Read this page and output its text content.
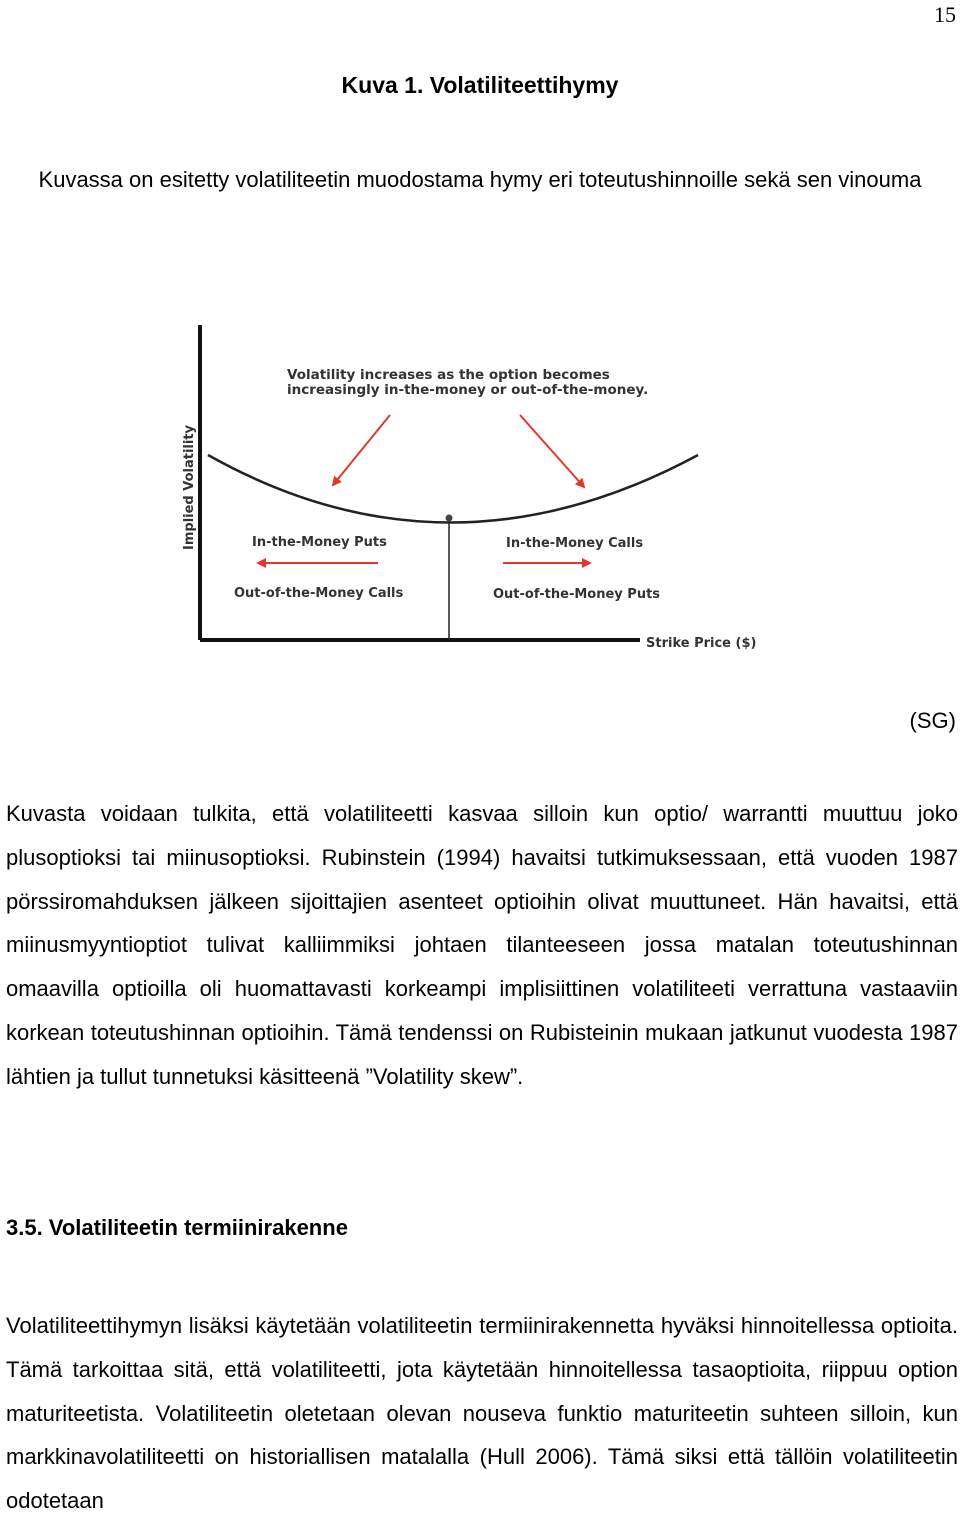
15
Kuva 1. Volatiliteettihymy
Kuvassa on esitetty volatiliteetin muodostama hymy eri toteutushinnoille sekä sen vinouma
Volatility increases as the option becomes
increasingly in-the-money or out-of-the-money.
Implied Volatility	In-the-Money Puts
Out-of-the-Money Calls
In-the-Money Calls
Out-of-the-Money Puts
Strike Price ($)
(SG)

Kuvasta voidaan tulkita, että volatiliteetti kasvaa silloin kun optio/ warrantti muuttuu joko plusoptioksi tai miinusoptioksi. Rubinstein (1994) havaitsi tutkimuksessaan, että vuoden 1987 pörssiromahduksen jälkeen sijoittajien asenteet optioihin olivat muuttuneet. Hän havaitsi, että miinusmyyntioptiot tulivat kalliimmiksi johtaen tilanteeseen jossa matalan toteutushinnan omaavilla optioilla oli huomattavasti korkeampi implisiittinen volatiliteeti verrattuna vastaaviin korkean toteutushinnan optioihin. Tämä tendenssi on Rubisteinin mukaan jatkunut vuodesta 1987 lähtien ja tullut tunnetuksi käsitteenä ”Volatility skew”.

3.5. Volatiliteetin termiinirakenne

Volatiliteettihymyn lisäksi käytetään volatiliteetin termiinirakennetta hyväksi hinnoitellessa optioita. Tämä tarkoittaa sitä, että volatiliteetti, jota käytetään hinnoitellessa tasaoptioita, riippuu option maturiteetista. Volatiliteetin oletetaan olevan nouseva funktio maturiteetin suhteen silloin, kun markkinavolatiliteetti on historiallisen matalalla (Hull 2006). Tämä siksi että tällöin volatiliteetin odotetaan
